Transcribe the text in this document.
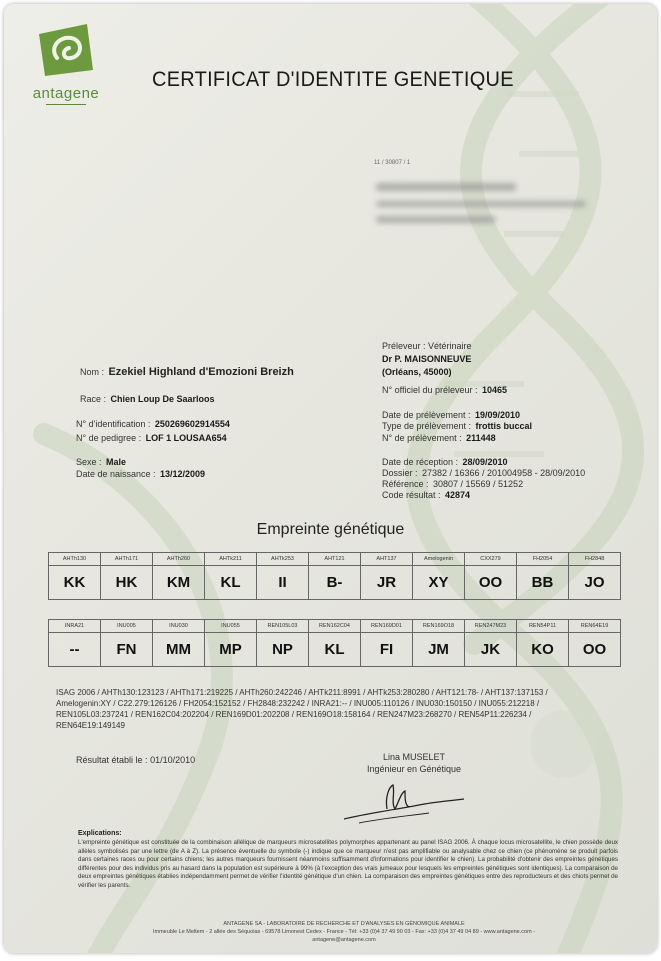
antagene
CERTIFICAT D'IDENTITE GENETIQUE
11 / 30807 / 1
Nom : Ezekiel Highland d'Emozioni Breizh
Race : Chien Loup De Saarloos
N° d'identification : 250269602914554
N° de pedigree : LOF 1 LOUSAA654
Sexe : Male
Date de naissance : 13/12/2009
Préleveur : Vétérinaire
Dr P. MAISONNEUVE
(Orléans, 45000)
N° officiel du préleveur : 10465
Date de prélèvement : 19/09/2010
Type de prélèvement : frottis buccal
N° de prélèvement : 211448
Date de réception : 28/09/2010
Dossier : 27382 / 16366 / 201004958 - 28/09/2010
Référence : 30807 / 15569 / 51252
Code résultat : 42874
Empreinte génétique
AHTh130	AHTh171	AHTh260	AHTk211	AHTk253	AHT121	AHT137	Amelogenin	CXX279	FH2054	FH2848
KK	HK	KM	KL	II	B-	JR	XY	OO	BB	JO
INRA21	INU005	INU030	INU055	REN105L03	REN162C04	REN169D01	REN169O18	REN247M23	REN54P11	REN64E19
--	FN	MM	MP	NP	KL	FI	JM	JK	KO	OO
ISAG 2006 / AHTh130:123123 / AHTh171:219225 / AHTh260:242246 / AHTk211:8991 / AHTk253:280280 / AHT121:78- / AHT137:137153 / Amelogenin:XY / C22.279:126126 / FH2054:152152 / FH2848:232242 / INRA21:-- / INU005:110126 / INU030:150150 / INU055:212218 / REN105L03:237241 / REN162C04:202204 / REN169D01:202208 / REN169O18:158164 / REN247M23:268270 / REN54P11:226234 / REN64E19:149149
Résultat établi le : 01/10/2010	Lina MUSELET
Ingénieur en Génétique
Explications:
L'empreinte génétique est constituée de la combinaison allélique de marqueurs microsatellites polymorphes appartenant au panel ISAG 2006. À chaque locus microsatellite, le chien possède deux allèles symbolisés par une lettre (de A à Z). La présence éventuelle du symbole (-) indique que ce marqueur n'est pas amplifiable ou analysable chez ce chien (ce phénomène se produit parfois dans certaines races ou pour certains chiens; les autres marqueurs fournissent néanmoins suffisamment d'informations pour identifier le chien). La probabilité d'obtenir des empreintes génétiques différentes pour des individus pris au hasard dans la population est supérieure à 99% (à l'exception des vrais jumeaux pour lesquels les empreintes génétiques sont identiques). La comparaison de deux empreintes génétiques établies indépendamment permet de vérifier l'identité génétique d'un chien. La comparaison des empreintes génétiques entre des reproducteurs et des chiots permet de vérifier les parents.
ANTAGENE SA - LABORATOIRE DE RECHERCHE ET D'ANALYSES EN GÉNOMIQUE ANIMALE
Immeuble Le Meltem - 2 allée des Séquoias - 69578 Limonest Cedex - France - Tél: +33 (0)4 37 49 90 03 - Fax: +33 (0)4 37 49 04 89 - www.antagene.com -
antagene@antagene.com
